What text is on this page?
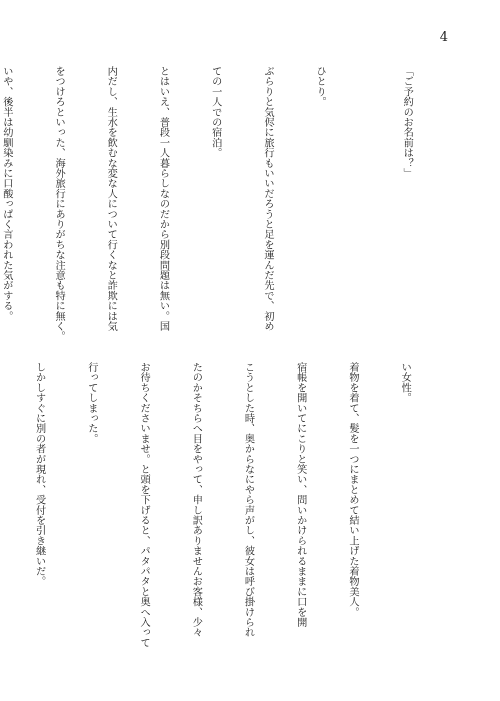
4

「ご予約のお名前は？」

ひとり。

ぶらりと気侭に旅行もいいだろうと足を運んだ先で、初め

ての一人での宿泊。

とはいえ、普段一人暮らしなのだから別段問題は無い。国

内だし、生水を飲むな変な人について行くなと詐欺には気

をつけろといった、海外旅行にありがちな注意も特に無く。

いや、後半は幼馴染みに口酸っぱく言われた気がする。

い女性。

着物を着て、髪を一つにまとめて結い上げた着物美人。

宿帳を開いてにこりと笑い、問いかけられるままに口を開

こうとした時、奥からなにやら声がし、彼女は呼び掛けられ

たのかそちらへ目をやって、申し訳ありませんお客様、少々

お待ちくださいませ。と頭を下げると、パタパタと奥へ入って

行ってしまった。

しかしすぐに別の者が現れ、受付を引き継いだ。
